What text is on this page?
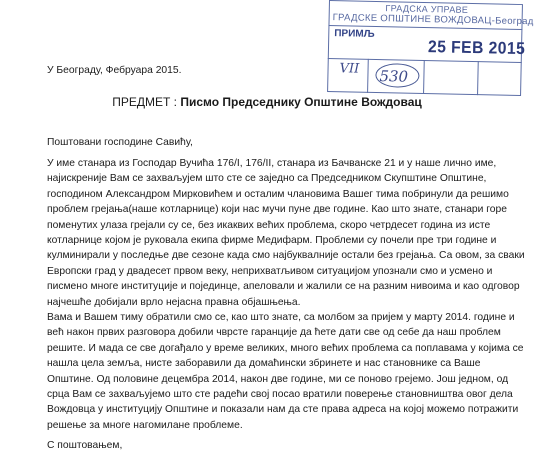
ГРАДСКА УПРАВЕ
ГРАДСКЕ ОПШТИНЕ ВОЖДОВАЦ-Београд
ПРИМЉ
25 FEB 2015
VII 530
У Београду, Фебруара 2015.
ПРЕДМЕТ : Писмо Председнику Општине Вождовац
Поштовани господине Савићу,
У име станара из Господар Вучића 176/I, 176/II, станара из Бачванске 21 и у наше лично име,
најискреније Вам се захваљујем што сте се заједно са Председником Скупштине Општине,
господином Александром Мирковићем и осталим члановима Вашег тима побринули да решимо
проблем грејања(наше котларнице) који нас мучи пуне две године. Као што знате, станари горе
поменутих улаза грејали су се, без икаквих већих проблема, скоро четрдесет година из исте
котларнице којом је руковала екипа фирме Медифарм. Проблеми су почели пре три године и
кулминирали у последње две сезоне када смо најбуквалније остали без грејања. Са овом, за сваки
Европски град у двадесет првом веку, неприхватљивом ситуацијом упознали смо и усмено и
писмено многе институције и појединце, апеловали и жалили се на разним нивоима и као одговор
најчешће добијали врло нејасна правна објашњења.
Вама и Вашем тиму обратили смо се, као што знате, са молбом за пријем у марту 2014. године и
већ након првих разговора добили чврсте гаранције да ћете дати све од себе да наш проблем
решите. И мада се све догађало у време великих, много већих проблема са поплавама у којима се
нашла цела земља, нисте заборавили да домаћински збринете и нас становнике са Ваше
Општине. Од половине децембра 2014, након две године, ми се поново грејемо. Још једном, од
срца Вам се захваљујемо што сте радећи свој посао вратили поверење становништва овог дела
Вождовца у институцију Општине и показали нам да сте права адреса на којој можемо потражити
решење за многе нагомилане проблеме.
С поштовањем,
